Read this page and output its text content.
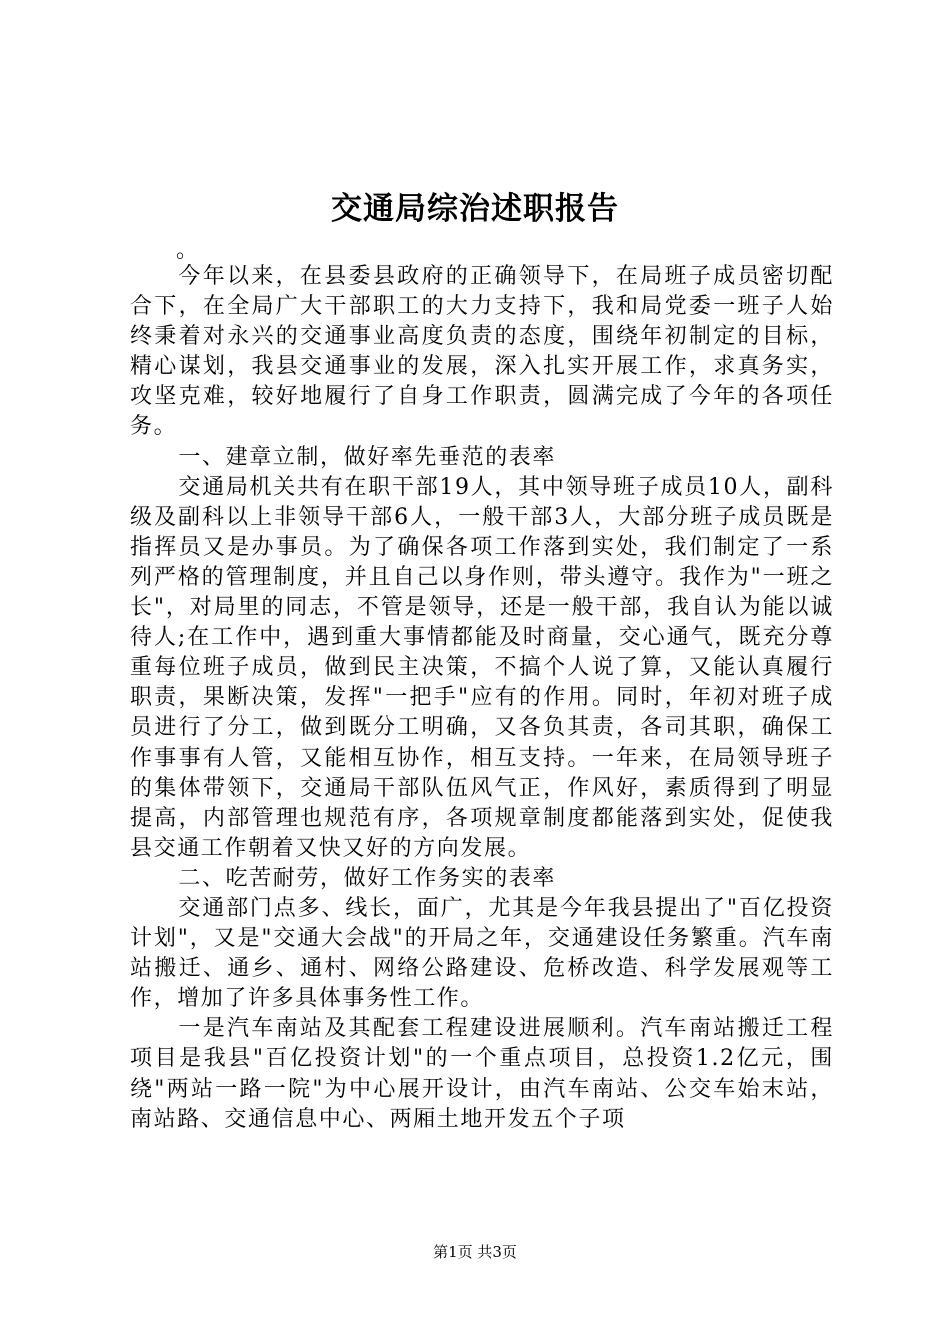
交通局综治述职报告
。

今年以来，在县委县政府的正确领导下，在局班子成员密切配合下，在全局广大干部职工的大力支持下，我和局党委一班子人始终秉着对永兴的交通事业高度负责的态度，围绕年初制定的目标，精心谋划，我县交通事业的发展，深入扎实开展工作，求真务实，攻坚克难，较好地履行了自身工作职责，圆满完成了今年的各项任务。

一、建章立制，做好率先垂范的表率

交通局机关共有在职干部19人，其中领导班子成员10人，副科级及副科以上非领导干部6人，一般干部3人，大部分班子成员既是指挥员又是办事员。为了确保各项工作落到实处，我们制定了一系列严格的管理制度，并且自己以身作则，带头遵守。我作为"一班之长"，对局里的同志，不管是领导，还是一般干部，我自认为能以诚待人;在工作中，遇到重大事情都能及时商量，交心通气，既充分尊重每位班子成员，做到民主决策，不搞个人说了算，又能认真履行职责，果断决策，发挥"一把手"应有的作用。同时，年初对班子成员进行了分工，做到既分工明确，又各负其责，各司其职，确保工作事事有人管，又能相互协作，相互支持。一年来，在局领导班子的集体带领下，交通局干部队伍风气正，作风好，素质得到了明显提高，内部管理也规范有序，各项规章制度都能落到实处，促使我县交通工作朝着又快又好的方向发展。

二、吃苦耐劳，做好工作务实的表率

交通部门点多、线长，面广，尤其是今年我县提出了"百亿投资计划"，又是"交通大会战"的开局之年，交通建设任务繁重。汽车南站搬迁、通乡、通村、网络公路建设、危桥改造、科学发展观等工作，增加了许多具体事务性工作。

一是汽车南站及其配套工程建设进展顺利。汽车南站搬迁工程项目是我县"百亿投资计划"的一个重点项目，总投资1.2亿元，围绕"两站一路一院"为中心展开设计，由汽车南站、公交车始末站，南站路、交通信息中心、两厢土地开发五个子项

第1页 共3页
